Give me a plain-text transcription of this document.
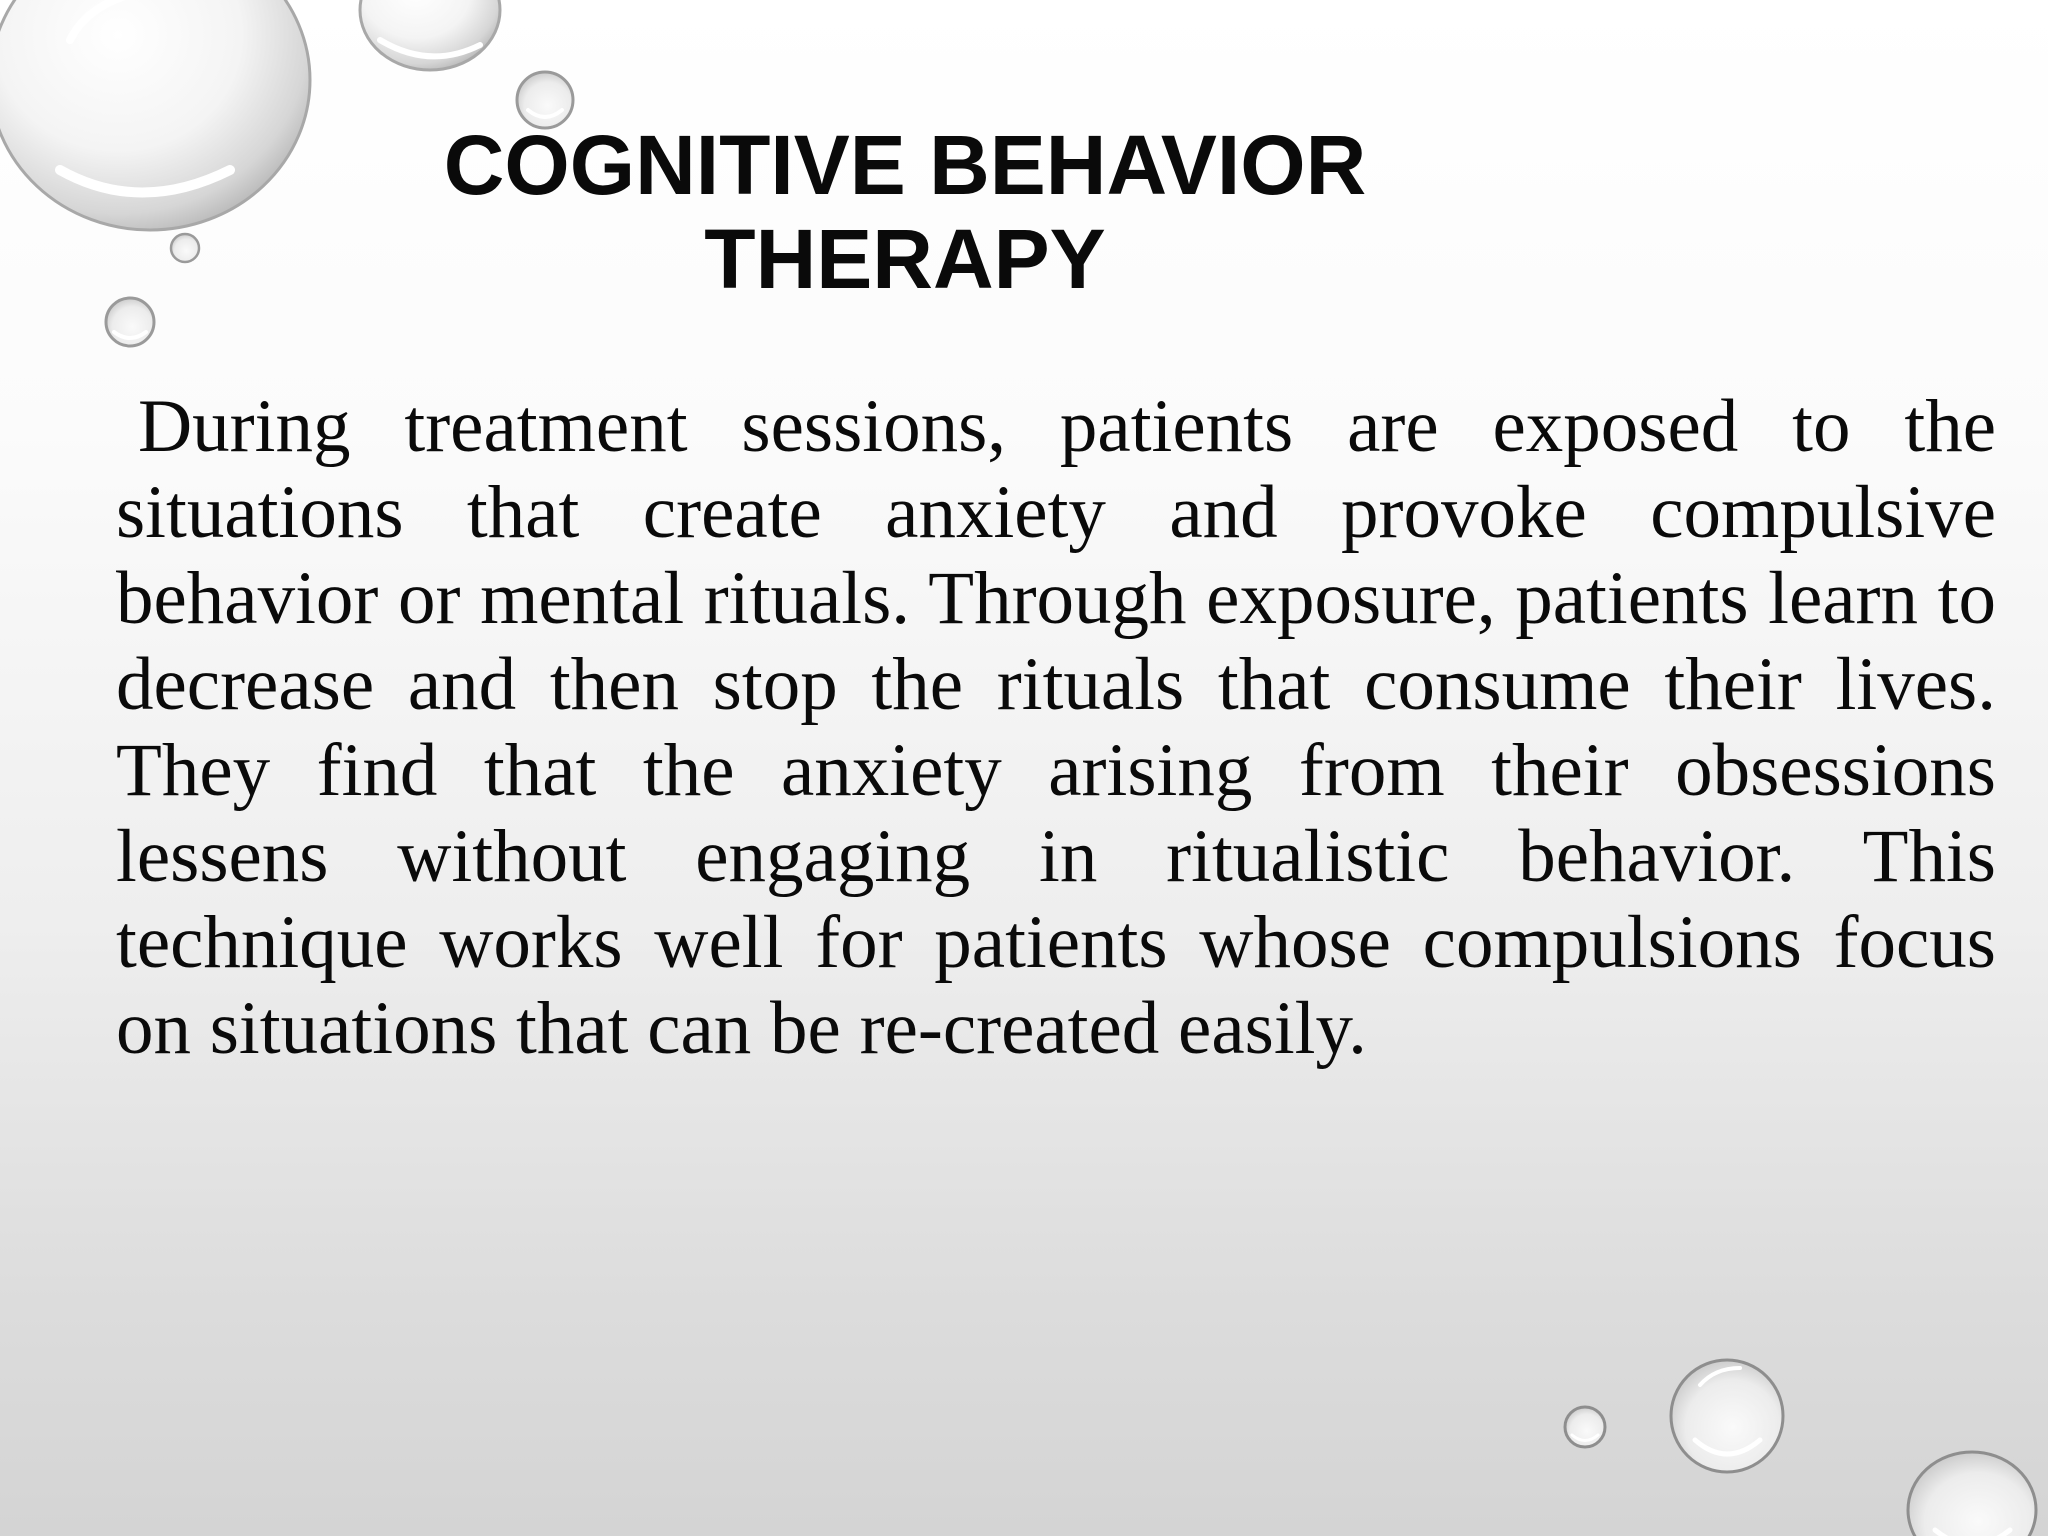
COGNITIVE BEHAVIOR
THERAPY

During treatment sessions, patients are exposed to the situations that create anxiety and provoke compulsive behavior or mental rituals. Through exposure, patients learn to decrease and then stop the rituals that consume their lives. They find that the anxiety arising from their obsessions lessens without engaging in ritualistic behavior. This technique works well for patients whose compulsions focus on situations that can be re-created easily.
